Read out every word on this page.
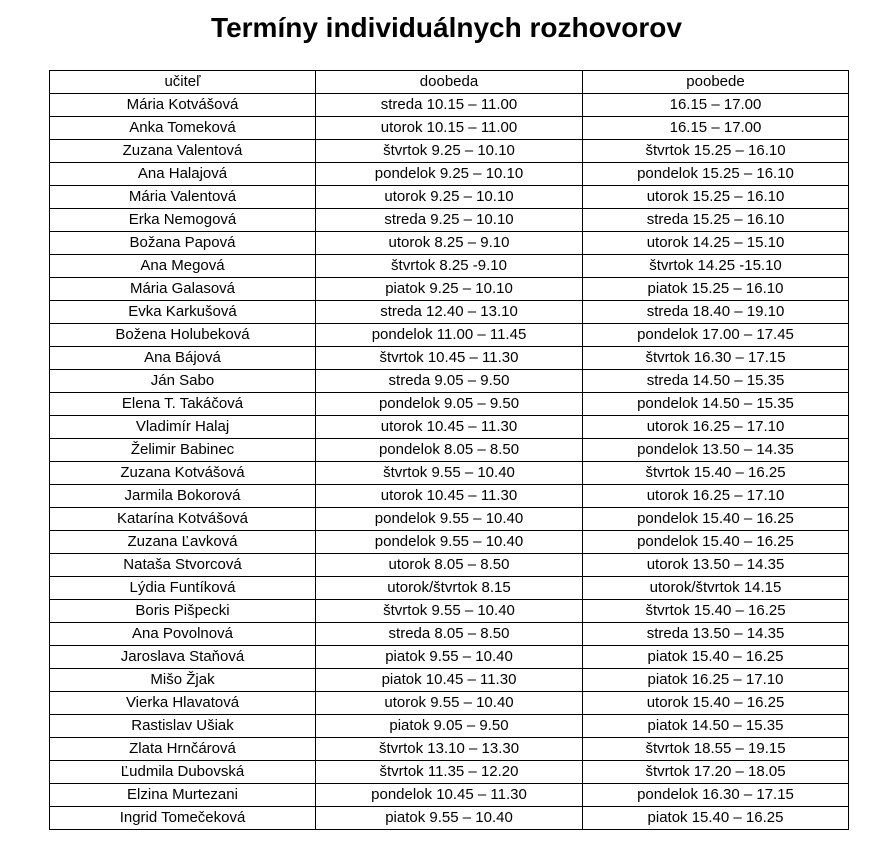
Termíny individuálnych rozhovorov
učiteľ	doobeda	poobede
Mária Kotvášová	streda 10.15 – 11.00	16.15 – 17.00
Anka Tomeková	utorok 10.15 – 11.00	16.15 – 17.00
Zuzana Valentová	štvrtok 9.25 – 10.10	štvrtok 15.25 – 16.10
Ana Halajová	pondelok 9.25 – 10.10	pondelok 15.25 – 16.10
Mária Valentová	utorok 9.25 – 10.10	utorok 15.25 – 16.10
Erka Nemogová	streda 9.25 – 10.10	streda 15.25 – 16.10
Božana Papová	utorok 8.25 – 9.10	utorok 14.25 – 15.10
Ana Megová	štvrtok 8.25 -9.10	štvrtok 14.25 -15.10
Mária Galasová	piatok 9.25 – 10.10	piatok 15.25 – 16.10
Evka Karkušová	streda 12.40 – 13.10	streda 18.40 – 19.10
Božena Holubeková	pondelok 11.00 – 11.45	pondelok 17.00 – 17.45
Ana Bájová	štvrtok 10.45 – 11.30	štvrtok 16.30 – 17.15
Ján Sabo	streda 9.05 – 9.50	streda 14.50 – 15.35
Elena T. Takáčová	pondelok 9.05 – 9.50	pondelok 14.50 – 15.35
Vladimír Halaj	utorok 10.45 – 11.30	utorok 16.25 – 17.10
Želimir Babinec	pondelok 8.05 – 8.50	pondelok 13.50 – 14.35
Zuzana Kotvášová	štvrtok 9.55 – 10.40	štvrtok 15.40 – 16.25
Jarmila Bokorová	utorok 10.45 – 11.30	utorok 16.25 – 17.10
Katarína Kotvášová	pondelok 9.55 – 10.40	pondelok 15.40 – 16.25
Zuzana Ľavková	pondelok 9.55 – 10.40	pondelok 15.40 – 16.25
Nataša Stvorcová	utorok 8.05 – 8.50	utorok 13.50 – 14.35
Lýdia Funtíková	utorok/štvrtok 8.15	utorok/štvrtok 14.15
Boris Pišpecki	štvrtok 9.55 – 10.40	štvrtok 15.40 – 16.25
Ana Povolnová	streda 8.05 – 8.50	streda 13.50 – 14.35
Jaroslava Staňová	piatok 9.55 – 10.40	piatok 15.40 – 16.25
Mišo Žjak	piatok 10.45 – 11.30	piatok 16.25 – 17.10
Vierka Hlavatová	utorok 9.55 – 10.40	utorok 15.40 – 16.25
Rastislav Ušiak	piatok 9.05 – 9.50	piatok 14.50 – 15.35
Zlata Hrnčárová	štvrtok 13.10 – 13.30	štvrtok 18.55 – 19.15
Ľudmila Dubovská	štvrtok 11.35 – 12.20	štvrtok 17.20 – 18.05
Elzina Murtezani	pondelok 10.45 – 11.30	pondelok 16.30 – 17.15
Ingrid Tomečeková	piatok 9.55 – 10.40	piatok 15.40 – 16.25
